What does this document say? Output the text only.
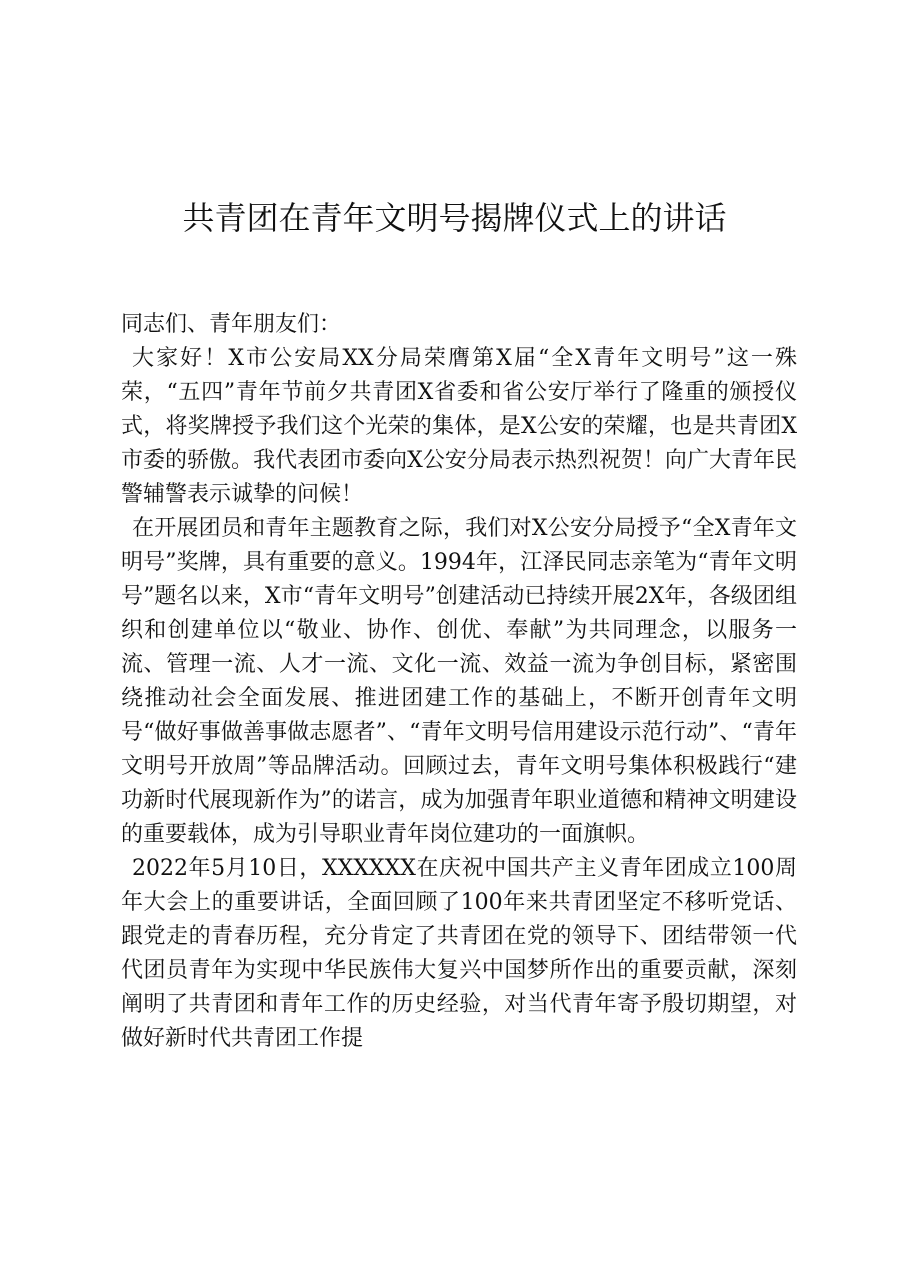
共青团在青年文明号揭牌仪式上的讲话

同志们、青年朋友们：

大家好！X市公安局XX分局荣膺第X届“全X青年文明号”这一殊荣，“五四”青年节前夕共青团X省委和省公安厅举行了隆重的颁授仪式，将奖牌授予我们这个光荣的集体，是X公安的荣耀，也是共青团X市委的骄傲。我代表团市委向X公安分局表示热烈祝贺！向广大青年民警辅警表示诚挚的问候！

在开展团员和青年主题教育之际，我们对X公安分局授予“全X青年文明号”奖牌，具有重要的意义。1994年，江泽民同志亲笔为“青年文明号”题名以来，X市“青年文明号”创建活动已持续开展2X年，各级团组织和创建单位以“敬业、协作、创优、奉献”为共同理念，以服务一流、管理一流、人才一流、文化一流、效益一流为争创目标，紧密围绕推动社会全面发展、推进团建工作的基础上，不断开创青年文明号“做好事做善事做志愿者”、“青年文明号信用建设示范行动”、“青年文明号开放周”等品牌活动。回顾过去，青年文明号集体积极践行“建功新时代展现新作为”的诺言，成为加强青年职业道德和精神文明建设的重要载体，成为引导职业青年岗位建功的一面旗帜。

2022年5月10日，XXXXXX在庆祝中国共产主义青年团成立100周年大会上的重要讲话，全面回顾了100年来共青团坚定不移听党话、跟党走的青春历程，充分肯定了共青团在党的领导下、团结带领一代代团员青年为实现中华民族伟大复兴中国梦所作出的重要贡献，深刻阐明了共青团和青年工作的历史经验，对当代青年寄予殷切期望，对做好新时代共青团工作提
